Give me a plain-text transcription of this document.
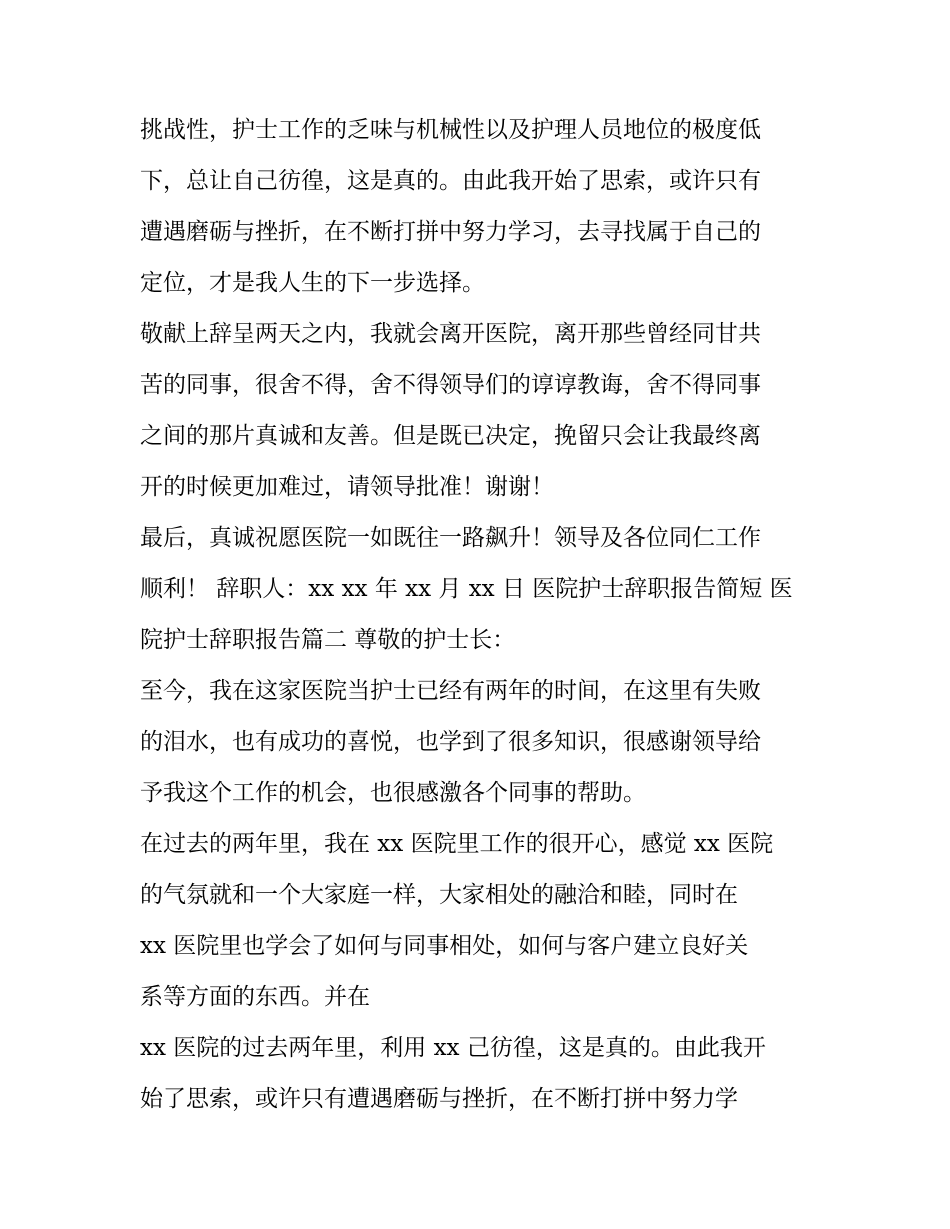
挑战性，护士工作的乏味与机械性以及护理人员地位的极度低
下，总让自己彷徨，这是真的。由此我开始了思索，或许只有
遭遇磨砺与挫折，在不断打拼中努力学习，去寻找属于自己的
定位，才是我人生的下一步选择。
敬献上辞呈两天之内，我就会离开医院，离开那些曾经同甘共
苦的同事，很舍不得，舍不得领导们的谆谆教诲，舍不得同事
之间的那片真诚和友善。但是既已决定，挽留只会让我最终离
开的时候更加难过，请领导批准！谢谢！
最后，真诚祝愿医院一如既往一路飙升！领导及各位同仁工作
顺利！ 辞职人：xx xx 年 xx 月 xx 日 医院护士辞职报告简短 医
院护士辞职报告篇二 尊敬的护士长：
至今，我在这家医院当护士已经有两年的时间，在这里有失败
的泪水，也有成功的喜悦，也学到了很多知识，很感谢领导给
予我这个工作的机会，也很感激各个同事的帮助。
在过去的两年里，我在 xx 医院里工作的很开心，感觉 xx 医院
的气氛就和一个大家庭一样，大家相处的融洽和睦，同时在
xx 医院里也学会了如何与同事相处，如何与客户建立良好关
系等方面的东西。并在
xx 医院的过去两年里，利用 xx 己彷徨，这是真的。由此我开
始了思索，或许只有遭遇磨砺与挫折，在不断打拼中努力学
